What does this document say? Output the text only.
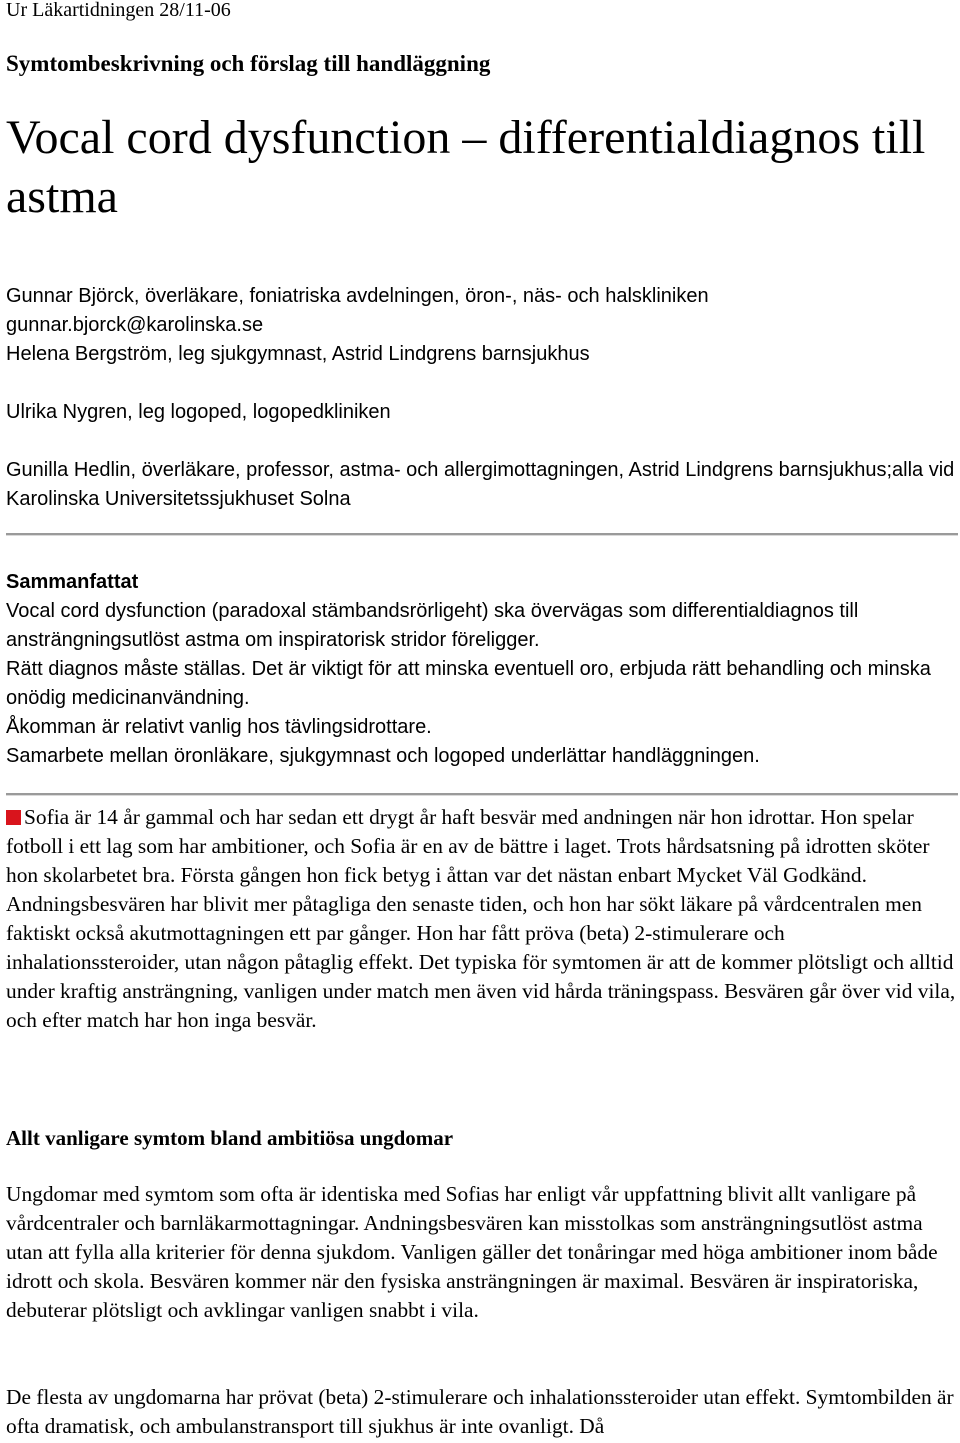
Ur Läkartidningen 28/11-06
Symtombeskrivning och förslag till handläggning
Vocal cord dysfunction – differentialdiagnos till astma

Gunnar Björck, överläkare, foniatriska avdelningen, öron-, näs- och halskliniken

gunnar.bjorck@karolinska.se

Helena Bergström, leg sjukgymnast, Astrid Lindgrens barnsjukhus

Ulrika Nygren, leg logoped, logopedkliniken

Gunilla Hedlin, överläkare, professor, astma- och allergimottagningen, Astrid Lindgrens barnsjukhus;alla vid Karolinska Universitetssjukhuset Solna

Sammanfattat

Vocal cord dysfunction (paradoxal stämbandsrörligeht) ska övervägas som differentialdiagnos till ansträngningsutlöst astma om inspiratorisk stridor föreligger.

Rätt diagnos måste ställas. Det är viktigt för att minska eventuell oro, erbjuda rätt behandling och minska onödig medicinanvändning.

Åkomman är relativt vanlig hos tävlingsidrottare.

Samarbete mellan öronläkare, sjukgymnast och logoped underlättar handläggningen.

Sofia är 14 år gammal och har sedan ett drygt år haft besvär med andningen när hon idrottar. Hon spelar fotboll i ett lag som har ambitioner, och Sofia är en av de bättre i laget. Trots hårdsatsning på idrotten sköter hon skolarbetet bra. Första gången hon fick betyg i åttan var det nästan enbart Mycket Väl Godkänd. Andningsbesvären har blivit mer påtagliga den senaste tiden, och hon har sökt läkare på vårdcentralen men faktiskt också akutmottagningen ett par gånger. Hon har fått pröva (beta) 2-stimulerare och inhalationssteroider, utan någon påtaglig effekt. Det typiska för symtomen är att de kommer plötsligt och alltid under kraftig ansträngning, vanligen under match men även vid hårda träningspass. Besvären går över vid vila, och efter match har hon inga besvär.

Allt vanligare symtom bland ambitiösa ungdomar

Ungdomar med symtom som ofta är identiska med Sofias har enligt vår uppfattning blivit allt vanligare på vårdcentraler och barnläkarmottagningar. Andningsbesvären kan misstolkas som ansträngningsutlöst astma utan att fylla alla kriterier för denna sjukdom. Vanligen gäller det tonåringar med höga ambitioner inom både idrott och skola. Besvären kommer när den fysiska ansträngningen är maximal. Besvären är inspiratoriska, debuterar plötsligt och avklingar vanligen snabbt i vila.

De flesta av ungdomarna har prövat (beta) 2-stimulerare och inhalationssteroider utan effekt. Symtombilden är ofta dramatisk, och ambulanstransport till sjukhus är inte ovanligt. Då
